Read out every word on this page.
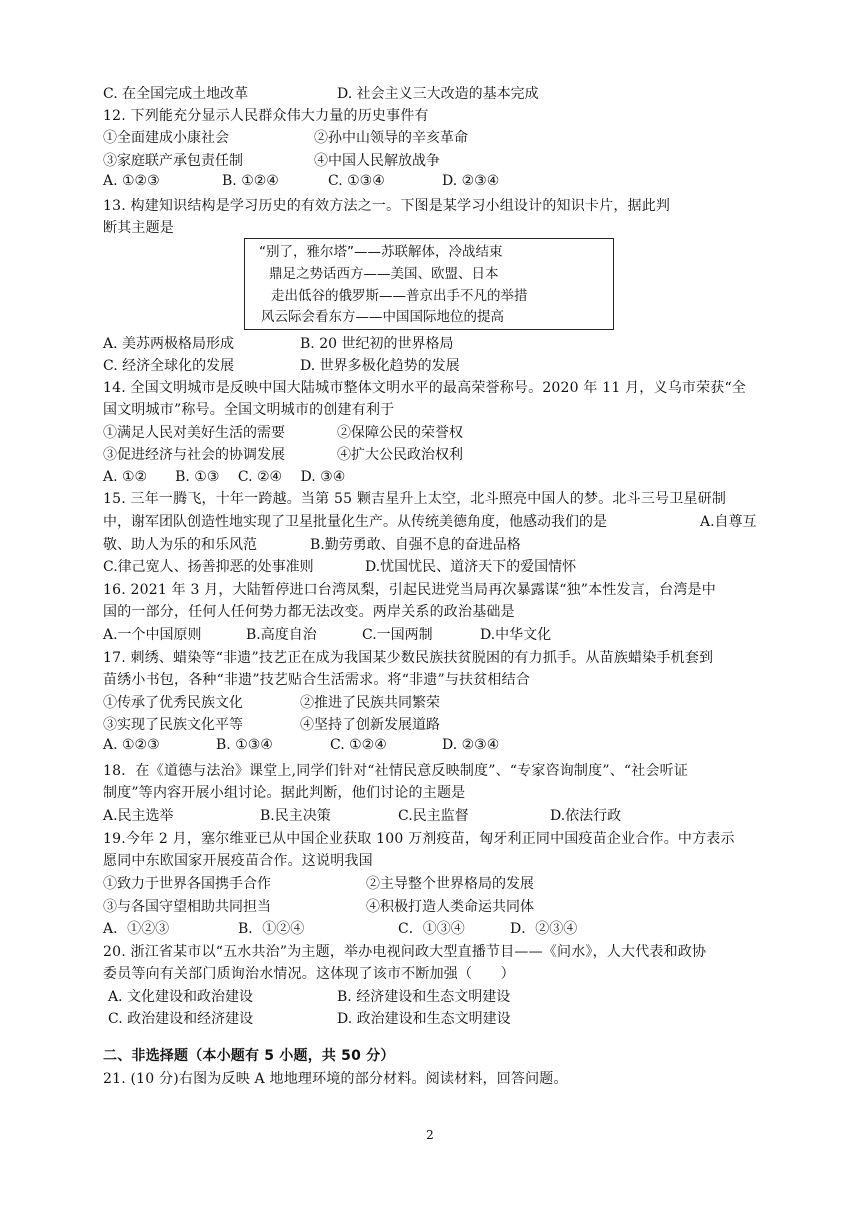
C. 在全国完成土地改革	D. 社会主义三大改造的基本完成
12. 下列能充分显示人民群众伟大力量的历史事件有
①全面建成小康社会	②孙中山领导的辛亥革命
③家庭联产承包责任制	④中国人民解放战争
A. ①②③	B. ①②④	C. ①③④	D. ②③④
13. 构建知识结构是学习历史的有效方法之一。下图是某学习小组设计的知识卡片，据此判
断其主题是
“别了，雅尔塔”——苏联解体，冷战结束
鼎足之势话西方——美国、欧盟、日本
走出低谷的俄罗斯——普京出手不凡的举措
风云际会看东方——中国国际地位的提高
A. 美苏两极格局形成	B. 20 世纪初的世界格局
C. 经济全球化的发展	D. 世界多极化趋势的发展
14. 全国文明城市是反映中国大陆城市整体文明水平的最高荣誉称号。2020 年 11 月，义乌市荣获“全
国文明城市”称号。全国文明城市的创建有利于
①满足人民对美好生活的需要	②保障公民的荣誉权
③促进经济与社会的协调发展	④扩大公民政治权利
A. ①②　　B. ①③　 C. ②④　 D. ③④
15. 三年一腾飞，十年一跨越。当第 55 颗吉星升上太空，北斗照亮中国人的梦。北斗三号卫星研制
中，谢军团队创造性地实现了卫星批量化生产。从传统美德角度，他感动我们的是	A.自尊互
敬、助人为乐的和乐风范	B.勤劳勇敢、自强不息的奋进品格
C.律己宽人、扬善抑恶的处事准则	D.忧国忧民、道济天下的爱国情怀
16. 2021 年 3 月，大陆暂停进口台湾凤梨，引起民进党当局再次暴露谋“独”本性发言，台湾是中
国的一部分，任何人任何势力都无法改变。两岸关系的政治基础是
A.一个中国原则	B.高度自治	C.一国两制	D.中华文化
17. 刺绣、蜡染等“非遗”技艺正在成为我国某少数民族扶贫脱困的有力抓手。从苗族蜡染手机套到
苗绣小书包，各种“非遗”技艺贴合生活需求。将“非遗”与扶贫相结合
①传承了优秀民族文化	②推进了民族共同繁荣
③实现了民族文化平等	④坚持了创新发展道路
A. ①②③	B. ①③④	C. ①②④	D. ②③④
18．在《道德与法治》课堂上,同学们针对“社情民意反映制度”、“专家咨询制度”、“社会听证
制度”等内容开展小组讨论。据此判断，他们讨论的主题是
A.民主选举	B.民主决策	C.民主监督	D.依法行政
19.今年 2 月，塞尔维亚已从中国企业获取 100 万剂疫苗，匈牙利正同中国疫苗企业合作。中方表示
愿同中东欧国家开展疫苗合作。这说明我国
①致力于世界各国携手合作	②主导整个世界格局的发展
③与各国守望相助共同担当	④积极打造人类命运共同体
A．①②③	B．①②④	C．①③④	D．②③④
20. 浙江省某市以“五水共治”为主题，举办电视问政大型直播节目——《问水》，人大代表和政协
委员等向有关部门质询治水情况。这体现了该市不断加强（　　）
A. 文化建设和政治建设	B. 经济建设和生态文明建设
C. 政治建设和经济建设	D. 政治建设和生态文明建设
二、非选择题（本小题有 5 小题，共 50 分）
21. (10 分)右图为反映 A 地地理环境的部分材料。阅读材料，回答问题。
2
